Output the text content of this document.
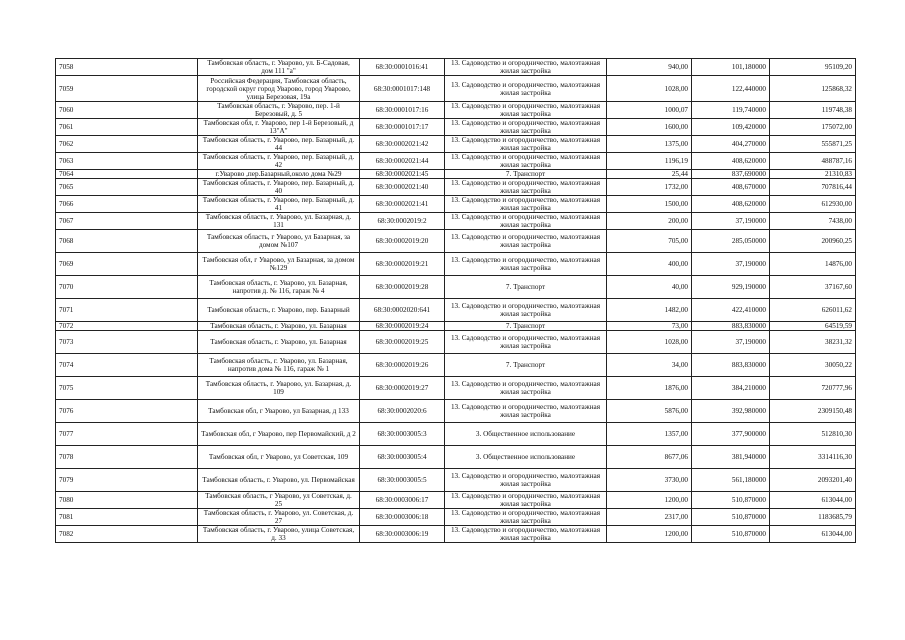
7058	Тамбовская область, г. Уварово, ул. Б-Садовая, дом 111 "а"	68:30:0001016:41	13. Садоводство и огородничество, малоэтажная жилая застройка	940,00	101,180000	95109,20
7059	Российская Федерация, Тамбовская область, городской округ город Уварово, город Уварово, улица Березовая, 19а	68:30:0001017:148	13. Садоводство и огородничество, малоэтажная жилая застройка	1028,00	122,440000	125868,32
7060	Тамбовская область, г. Уварово, пер. 1-й Березовый, д. 5	68:30:0001017:16	13. Садоводство и огородничество, малоэтажная жилая застройка	1000,07	119,740000	119748,38
7061	Тамбовская обл, г. Уварово, пер 1-й Березовый, д 13"А"	68:30:0001017:17	13. Садоводство и огородничество, малоэтажная жилая застройка	1600,00	109,420000	175072,00
7062	Тамбовская область, г. Уварово, пер. Базарный, д. 44	68:30:0002021:42	13. Садоводство и огородничество, малоэтажная жилая застройка	1375,00	404,270000	555871,25
7063	Тамбовская область, г. Уварово, пер. Базарный, д. 42	68:30:0002021:44	13. Садоводство и огородничество, малоэтажная жилая застройка	1196,19	408,620000	488787,16
7064	г.Уварово ,пер.Базарный,около дома №29	68:30:0002021:45	7. Транспорт	25,44	837,690000	21310,83
7065	Тамбовская область, г. Уварово, пер. Базарный, д. 40	68:30:0002021:40	13. Садоводство и огородничество, малоэтажная жилая застройка	1732,00	408,670000	707816,44
7066	Тамбовская область, г. Уварово, пер. Базарный, д. 41	68:30:0002021:41	13. Садоводство и огородничество, малоэтажная жилая застройка	1500,00	408,620000	612930,00
7067	Тамбовская область, г. Уварово, ул. Базарная, д. 131	68:30:0002019:2	13. Садоводство и огородничество, малоэтажная жилая застройка	200,00	37,190000	7438,00
7068	Тамбовская область, г Уварово, ул Базарная, за домом №107	68:30:0002019:20	13. Садоводство и огородничество, малоэтажная жилая застройка	705,00	285,050000	200960,25
7069	Тамбовская обл, г Уварово, ул Базарная, за домом №129	68:30:0002019:21	13. Садоводство и огородничество, малоэтажная жилая застройка	400,00	37,190000	14876,00
7070	Тамбовская область, г. Уварово, ул. Базарная, напротив д. № 116, гараж № 4	68:30:0002019:28	7. Транспорт	40,00	929,190000	37167,60
7071	Тамбовская область, г. Уварово, пер. Базарный	68:30:0002020:641	13. Садоводство и огородничество, малоэтажная жилая застройка	1482,00	422,410000	626011,62
7072	Тамбовская область, г. Уварово, ул. Базарная	68:30:0002019:24	7. Транспорт	73,00	883,830000	64519,59
7073	Тамбовская область, г. Уварово, ул. Базарная	68:30:0002019:25	13. Садоводство и огородничество, малоэтажная жилая застройка	1028,00	37,190000	38231,32
7074	Тамбовская область, г. Уварово, ул. Базарная, напротив дома № 116, гараж № 1	68:30:0002019:26	7. Транспорт	34,00	883,830000	30050,22
7075	Тамбовская область, г. Уварово, ул. Базарная, д. 109	68:30:0002019:27	13. Садоводство и огородничество, малоэтажная жилая застройка	1876,00	384,210000	720777,96
7076	Тамбовская обл, г Уварово, ул Базарная, д 133	68:30:0002020:6	13. Садоводство и огородничество, малоэтажная жилая застройка	5876,00	392,980000	2309150,48
7077	Тамбовская обл, г Уварово, пер Первомайский, д 2	68:30:0003005:3	3. Общественное использование	1357,00	377,900000	512810,30
7078	Тамбовская обл, г Уварово, ул Советская, 109	68:30:0003005:4	3. Общественное использование	8677,06	381,940000	3314116,30
7079	Тамбовская область, г. Уварово, ул. Первомайская	68:30:0003005:5	13. Садоводство и огородничество, малоэтажная жилая застройка	3730,00	561,180000	2093201,40
7080	Тамбовская область, г Уварово, ул Советская, д. 25	68:30:0003006:17	13. Садоводство и огородничество, малоэтажная жилая застройка	1200,00	510,870000	613044,00
7081	Тамбовская область, г. Уварово, ул. Советская, д. 27	68:30:0003006:18	13. Садоводство и огородничество, малоэтажная жилая застройка	2317,00	510,870000	1183685,79
7082	Тамбовская область, г. Уварово, улица Советская, д. 33	68:30:0003006:19	13. Садоводство и огородничество, малоэтажная жилая застройка	1200,00	510,870000	613044,00
